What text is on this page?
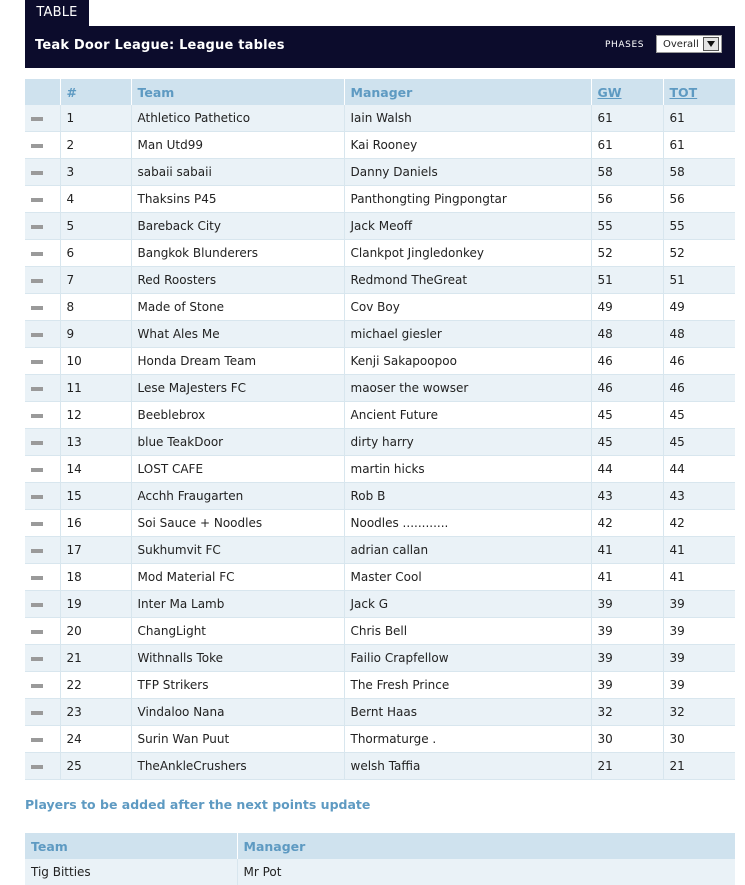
TABLE
Teak Door League: League tables	PHASES Overall
	#	Team	Manager	GW	TOT
	1	Athletico Pathetico	Iain Walsh	61	61
	2	Man Utd99	Kai Rooney	61	61
	3	sabaii sabaii	Danny Daniels	58	58
	4	Thaksins P45	Panthongting Pingpongtar	56	56
	5	Bareback City	Jack Meoff	55	55
	6	Bangkok Blunderers	Clankpot Jingledonkey	52	52
	7	Red Roosters	Redmond TheGreat	51	51
	8	Made of Stone	Cov Boy	49	49
	9	What Ales Me	michael giesler	48	48
	10	Honda Dream Team	Kenji Sakapoopoo	46	46
	11	Lese MaJesters FC	maoser the wowser	46	46
	12	Beeblebrox	Ancient Future	45	45
	13	blue TeakDoor	dirty harry	45	45
	14	LOST CAFE	martin hicks	44	44
	15	Acchh Fraugarten	Rob B	43	43
	16	Soi Sauce + Noodles	Noodles ............	42	42
	17	Sukhumvit FC	adrian callan	41	41
	18	Mod Material FC	Master Cool	41	41
	19	Inter Ma Lamb	Jack G	39	39
	20	ChangLight	Chris Bell	39	39
	21	Withnalls Toke	Failio Crapfellow	39	39
	22	TFP Strikers	The Fresh Prince	39	39
	23	Vindaloo Nana	Bernt Haas	32	32
	24	Surin Wan Puut	Thormaturge .	30	30
	25	TheAnkleCrushers	welsh Taffia	21	21
Players to be added after the next points update
Team	Manager
Tig Bitties	Mr Pot
